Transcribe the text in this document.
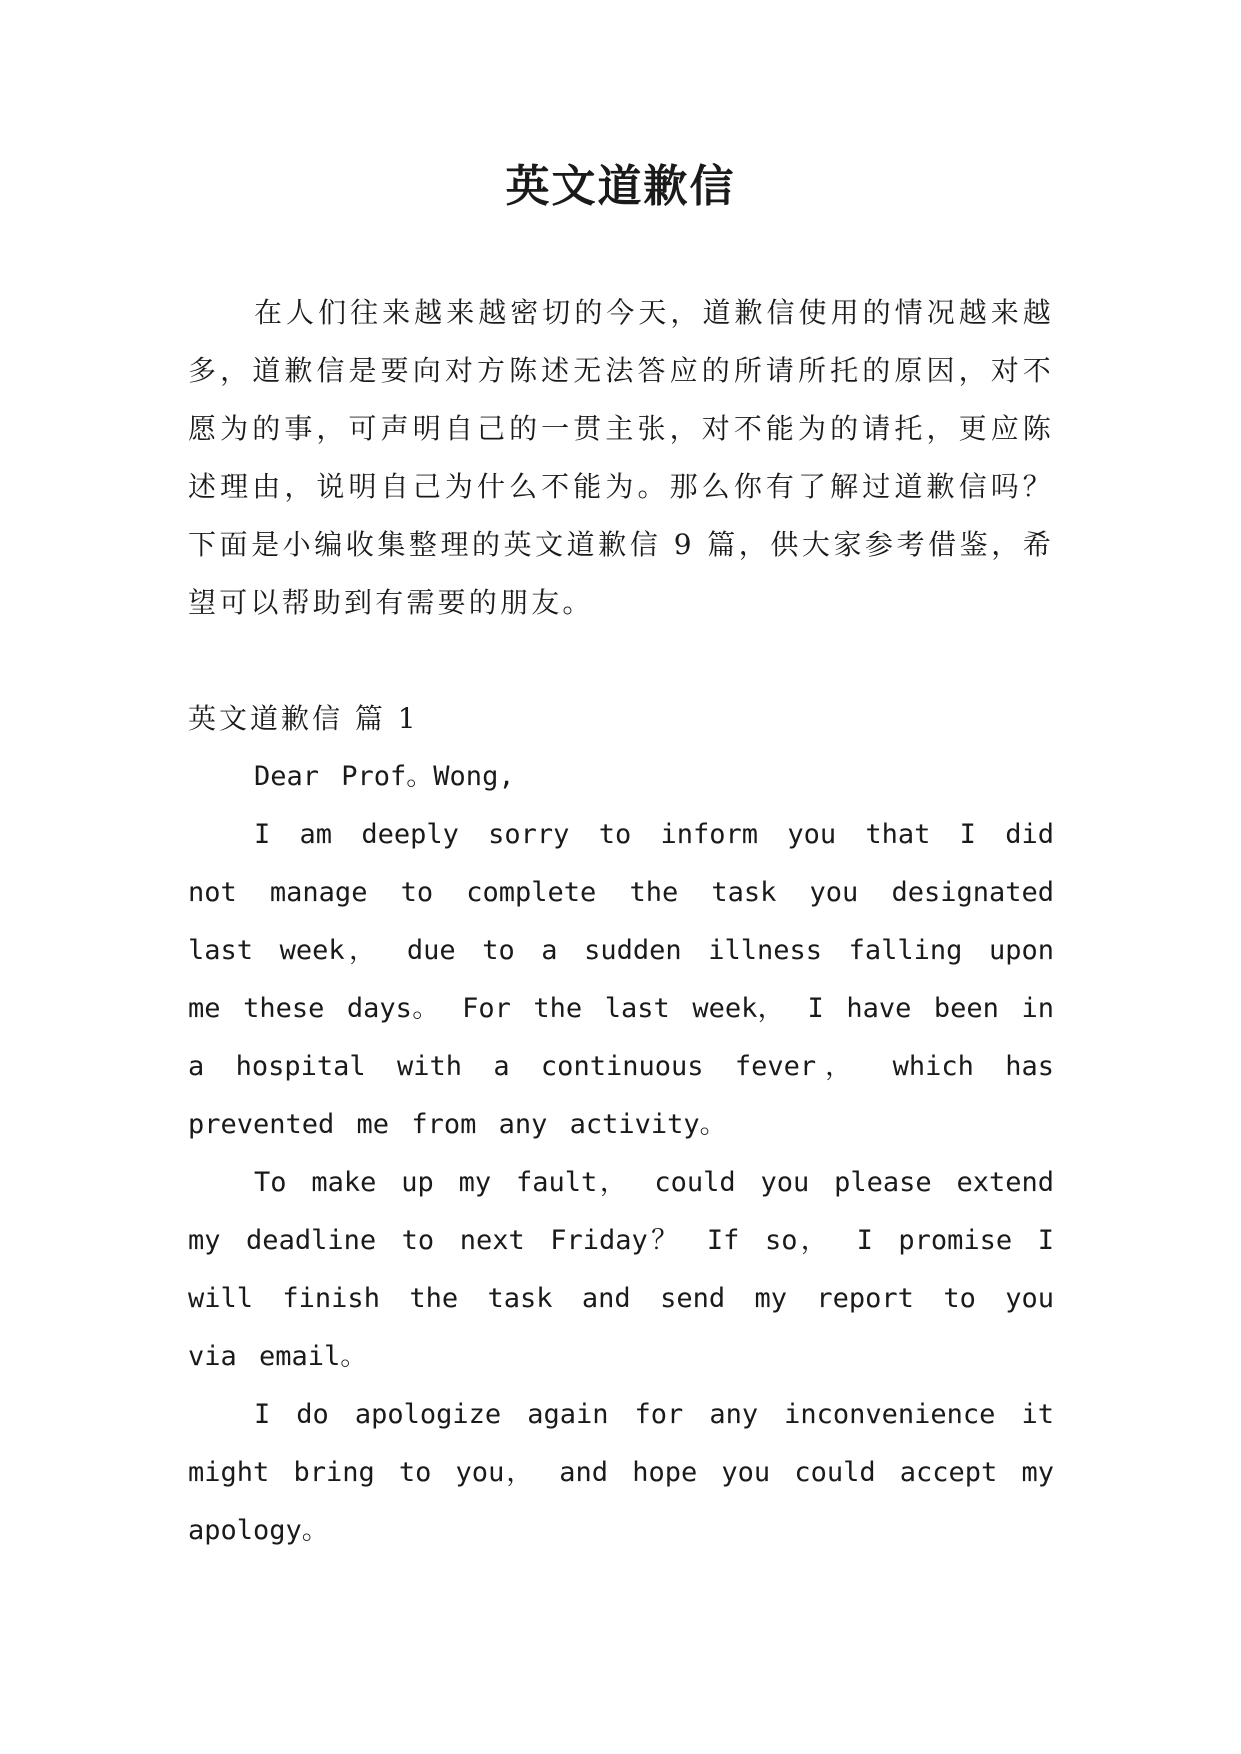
英文道歉信

在人们往来越来越密切的今天，道歉信使用的情况越来越多，道歉信是要向对方陈述无法答应的所请所托的原因，对不愿为的事，可声明自己的一贯主张，对不能为的请托，更应陈述理由，说明自己为什么不能为。那么你有了解过道歉信吗？下面是小编收集整理的英文道歉信 9 篇，供大家参考借鉴，希望可以帮助到有需要的朋友。

英文道歉信 篇 1

Dear Prof。Wong,

I am deeply sorry to inform you that I did not manage to complete the task you designated last week， due to a sudden illness falling upon me these days。 For the last week， I have been in a hospital with a continuous fever， which has prevented me from any activity。

To make up my fault， could you please extend my deadline to next Friday？ If so， I promise I will finish the task and send my report to you via email。

I do apologize again for any inconvenience it might bring to you， and hope you could accept my apology。
